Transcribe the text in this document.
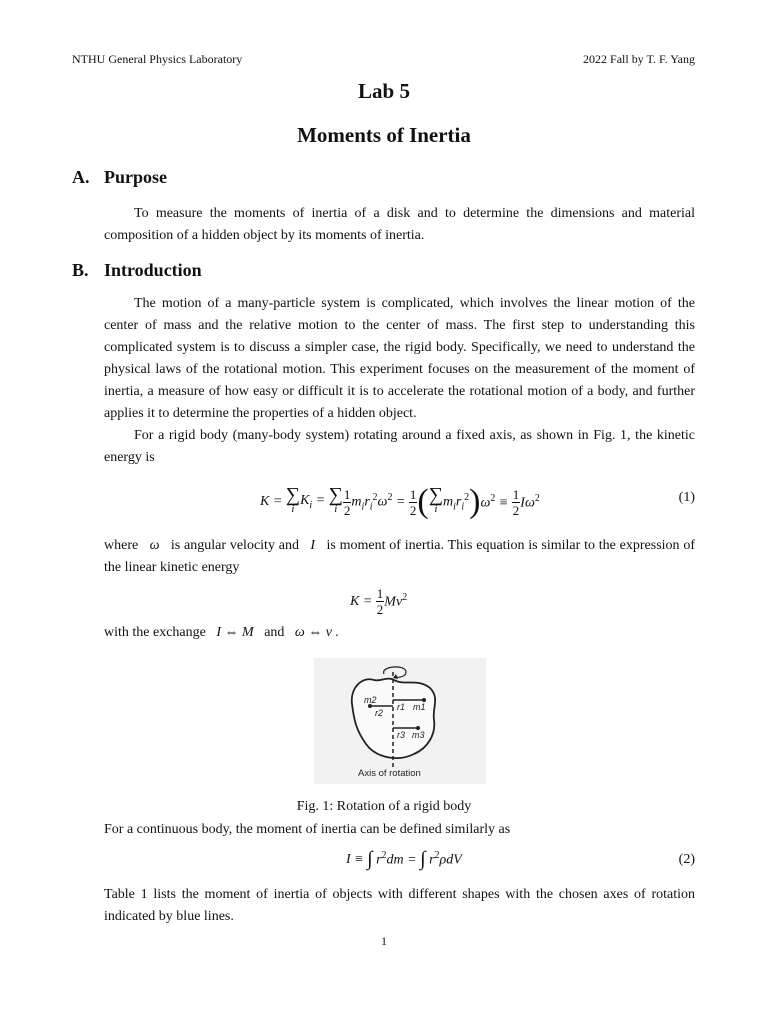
NTHU General Physics Laboratory	2022 Fall by T. F. Yang
Lab 5
Moments of Inertia
A. Purpose

To measure the moments of inertia of a disk and to determine the dimensions and material composition of a hidden object by its moments of inertia.

B. Introduction

The motion of a many-particle system is complicated, which involves the linear motion of the center of mass and the relative motion to the center of mass. The first step to understanding this complicated system is to discuss a simpler case, the rigid body. Specifically, we need to understand the physical laws of the rotational motion. This experiment focuses on the measurement of the moment of inertia, a measure of how easy or difficult it is to accelerate the rotational motion of a body, and further applies it to determine the properties of a hidden object.

For a rigid body (many-body system) rotating around a fixed axis, as shown in Fig. 1, the kinetic energy is

K = ∑
i
$K_i$ = ∑
i $\frac{1}{2} m_ir_i^2\omega^2 = \frac{1}{2}$ ( ∑
i $m_ir_i^2$ ) $\omega^2 \equiv \frac{1}{2} I\omega^2$	(1)

where   ω   is angular velocity and   I   is moment of inertia. This equation is similar to the expression of the linear kinetic energy

$K = \frac{1}{2} Mv^2$
with the exchange   I ⇔ M   and   ω ⇔ v .
m2
r2
r1 m1
r3 m3
Axis of rotation
Fig. 1: Rotation of a rigid body

For a continuous body, the moment of inertia can be defined similarly as

I ≡ ∫ $r^2dm$ = ∫ $r^2\rho dV$	(2)

Table 1 lists the moment of inertia of objects with different shapes with the chosen axes of rotation indicated by blue lines.

1
